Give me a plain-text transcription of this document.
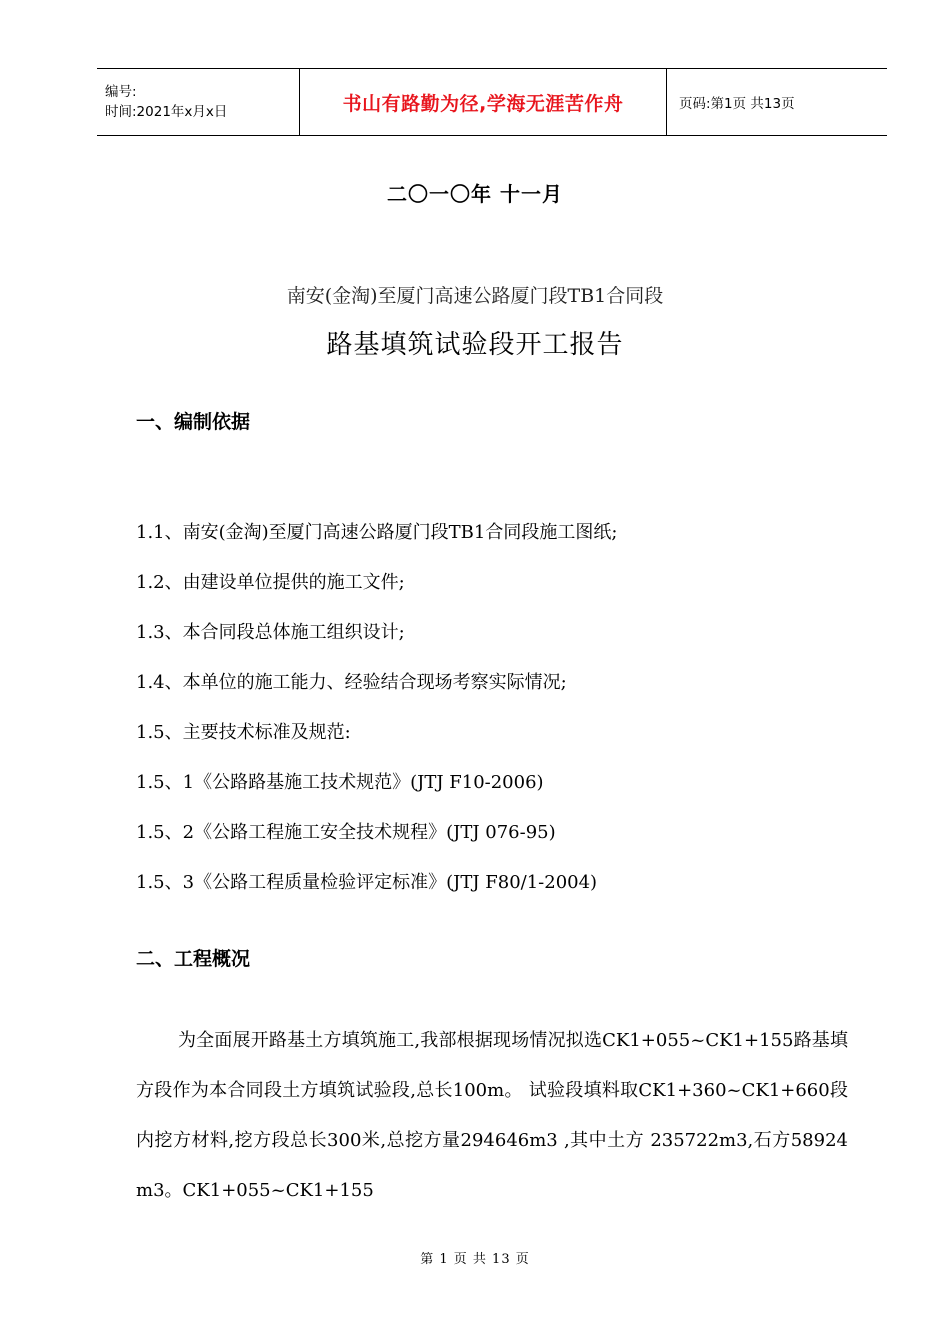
编号:
时间:2021年x月x日	书山有路勤为径,学海无涯苦作舟	页码:第1页 共13页
二〇一〇年 十一月
南安(金淘)至厦门高速公路厦门段TB1合同段
路基填筑试验段开工报告
一、编制依据
1.1、南安(金淘)至厦门高速公路厦门段TB1合同段施工图纸;
1.2、由建设单位提供的施工文件;
1.3、本合同段总体施工组织设计;
1.4、本单位的施工能力、经验结合现场考察实际情况;
1.5、主要技术标准及规范:
1.5、1《公路路基施工技术规范》(JTJ F10-2006)
1.5、2《公路工程施工安全技术规程》(JTJ 076-95)
1.5、3《公路工程质量检验评定标准》(JTJ F80/1-2004)
二、工程概况

为全面展开路基土方填筑施工,我部根据现场情况拟选CK1+055~CK1+155路基填方段作为本合同段土方填筑试验段,总长100m。 试验段填料取CK1+360~CK1+660段内挖方材料,挖方段总长300米,总挖方量294646m3 ,其中土方 235722m3,石方58924 m3。CK1+055~CK1+155

第 1 页 共 13 页
